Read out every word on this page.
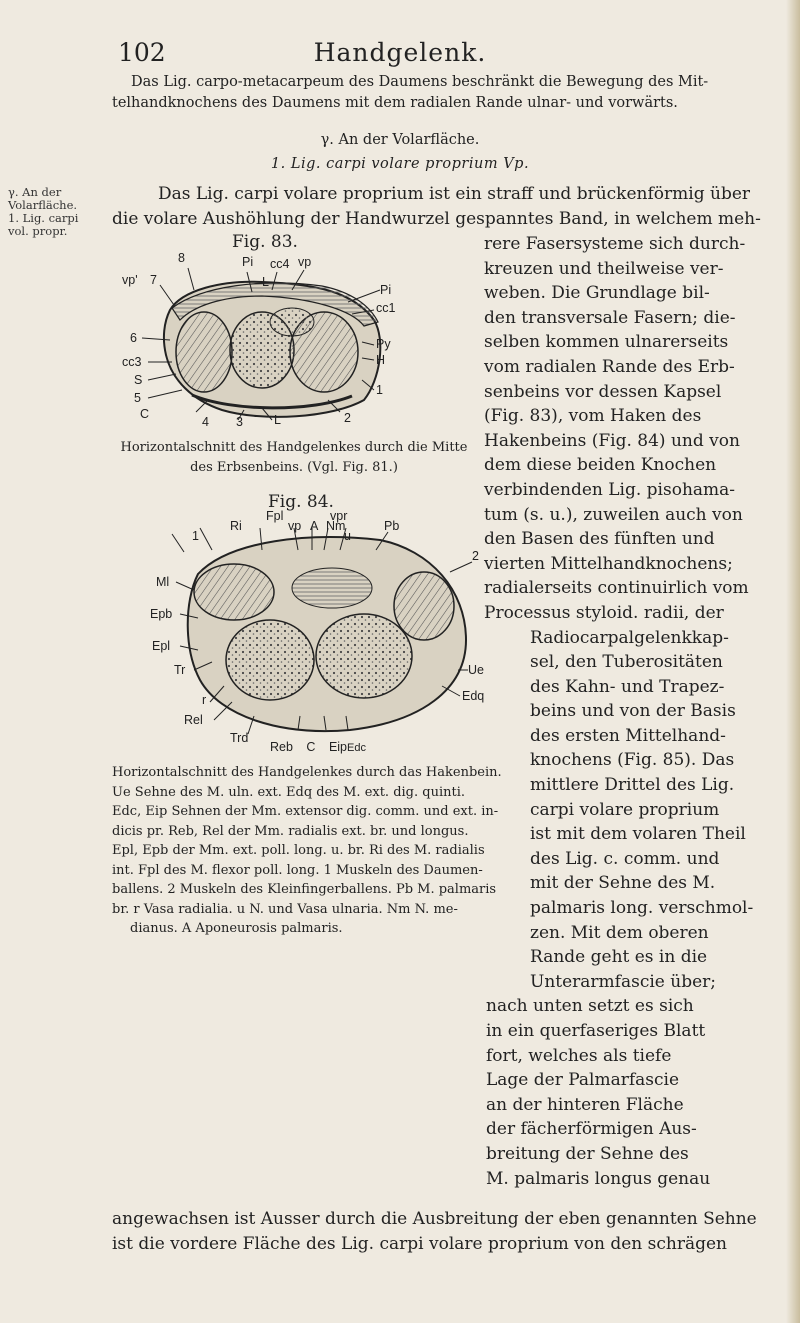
102	Handgelenk.
Das Lig. carpo-metacarpeum des Daumens beschränkt die Bewegung des Mit-
telhandknochens des Daumens mit dem radialen Rande ulnar- und vorwärts.
γ. An der Volarfläche.
1. Lig. carpi volare proprium Vp.
γ. An der
Volarfläche.
1. Lig. carpi
vol. propr.
Das Lig. carpi volare proprium ist ein straff und brückenförmig über
die volare Aushöhlung der Handwurzel gespanntes Band, in welchem meh-
rere Fasersysteme sich durch-
kreuzen und theilweise ver-
weben. Die Grundlage bil-
den transversale Fasern; die-
selben kommen ulnarerseits
vom radialen Rande des Erb-
senbeins vor dessen Kapsel
(Fig. 83), vom Haken des
Hakenbeins (Fig. 84) und von
dem diese beiden Knochen
verbindenden Lig. pisohama-
tum (s. u.), zuweilen auch von
den Basen des fünften und
vierten Mittelhandknochens;
radialerseits continuirlich vom
Processus styloid. radii, der
Radiocarpalgelenkkap-
sel, den Tuberositäten
des Kahn- und Trapez-
beins und von der Basis
des ersten Mittelhand-
knochens (Fig. 85). Das
mittlere Drittel des Lig.
carpi volare proprium
ist mit dem volaren Theil
des Lig. c. comm. und
mit der Sehne des M.
palmaris long. verschmol-
zen. Mit dem oberen
Rande geht es in die
Unterarmfascie über;
nach unten setzt es sich
in ein querfaseriges Blatt
fort, welches als tiefe
Lage der Palmarfascie
an der hinteren Fläche
der fächerförmigen Aus-
breitung der Sehne des
M. palmaris longus genau
Fig. 83.
8	Pi cc4 vp
vp' 7	L
Pi
cc1
6
cc3
Py
H
S
5
1
C
4	2
3 L
Horizontalschnitt des Handgelenkes durch die Mitte des Erbsenbeins. (Vgl. Fig. 81.)
Fig. 84.
Fpl	vpr
Ri	vp A Nm	Pb
1	u
2
Ml
Epb
Epl
Tr	Ue
Edq
r
Rel
Trd
Reb C EipEdc
Horizontalschnitt des Handgelenkes durch das Hakenbein.
Ue Sehne des M. uln. ext. Edq des M. ext. dig. quinti.
Edc, Eip Sehnen der Mm. extensor dig. comm. und ext. in-
dicis pr. Reb, Rel der Mm. radialis ext. br. und longus.
Epl, Epb der Mm. ext. poll. long. u. br. Ri des M. radialis
int. Fpl des M. flexor poll. long. 1 Muskeln des Daumen-
ballens. 2 Muskeln des Kleinfingerballens. Pb M. palmaris
br. r Vasa radialia. u N. und Vasa ulnaria. Nm N. me-
dianus. A Aponeurosis palmaris.
angewachsen ist Ausser durch die Ausbreitung der eben genannten Sehne
ist die vordere Fläche des Lig. carpi volare proprium von den schrägen
